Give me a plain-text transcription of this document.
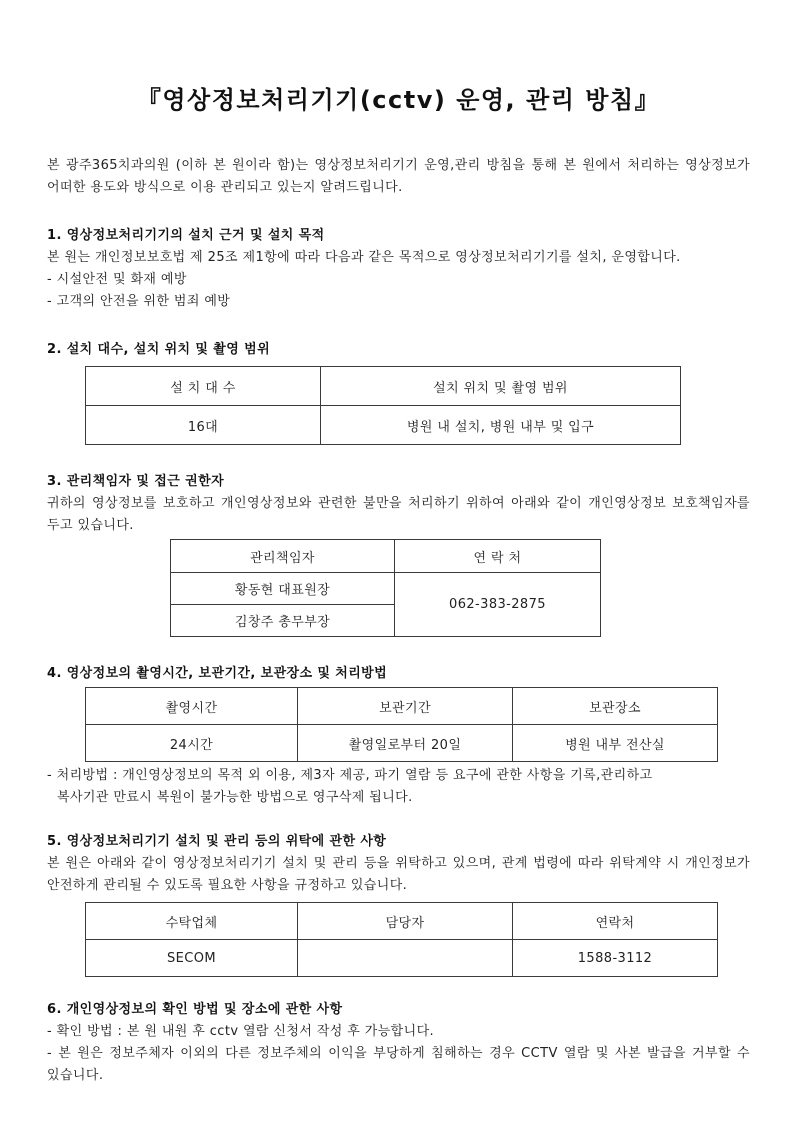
『영상정보처리기기(cctv) 운영, 관리 방침』
본 광주365치과의원 (이하 본 원이라 함)는 영상정보처리기기 운영,관리 방침을 통해 본 원에서 처리하는 영상정보가 어떠한 용도와 방식으로 이용 관리되고 있는지 알려드립니다.
1. 영상정보처리기기의 설치 근거 및 설치 목적
본 원는 개인정보보호법 제 25조 제1항에 따라 다음과 같은 목적으로 영상정보처리기기를 설치, 운영합니다.
- 시설안전 및 화재 예방
- 고객의 안전을 위한 범죄 예방
2. 설치 대수, 설치 위치 및 촬영 범위
설 치 대 수	설치 위치 및 촬영 범위
16대	병원 내 설치, 병원 내부 및 입구
3. 관리책임자 및 접근 권한자
귀하의 영상정보를 보호하고 개인영상정보와 관련한 불만을 처리하기 위하여 아래와 같이 개인영상정보 보호책임자를 두고 있습니다.
관리책임자	연 락 처
황동현 대표원장	062-383-2875
김창주 총무부장	
4. 영상정보의 촬영시간, 보관기간, 보관장소 및 처리방법
촬영시간	보관기간	보관장소
24시간	촬영일로부터 20일	병원 내부 전산실
- 처리방법 : 개인영상정보의 목적 외 이용, 제3자 제공, 파기 열람 등 요구에 관한 사항을 기록,관리하고
복사기관 만료시 복원이 불가능한 방법으로 영구삭제 됩니다.
5. 영상정보처리기기 설치 및 관리 등의 위탁에 관한 사항
본 원은 아래와 같이 영상정보처리기기 설치 및 관리 등을 위탁하고 있으며, 관계 법령에 따라 위탁계약 시 개인정보가 안전하게 관리될 수 있도록 필요한 사항을 규정하고 있습니다.
수탁업체	담당자	연락처
SECOM		1588-3112
6. 개인영상정보의 확인 방법 및 장소에 관한 사항
- 확인 방법 : 본 원 내원 후 cctv 열람 신청서 작성 후 가능합니다.
- 본 원은 정보주체자 이외의 다른 정보주체의 이익을 부당하게 침해하는 경우 CCTV 열람 및 사본 발급을 거부할 수 있습니다.
